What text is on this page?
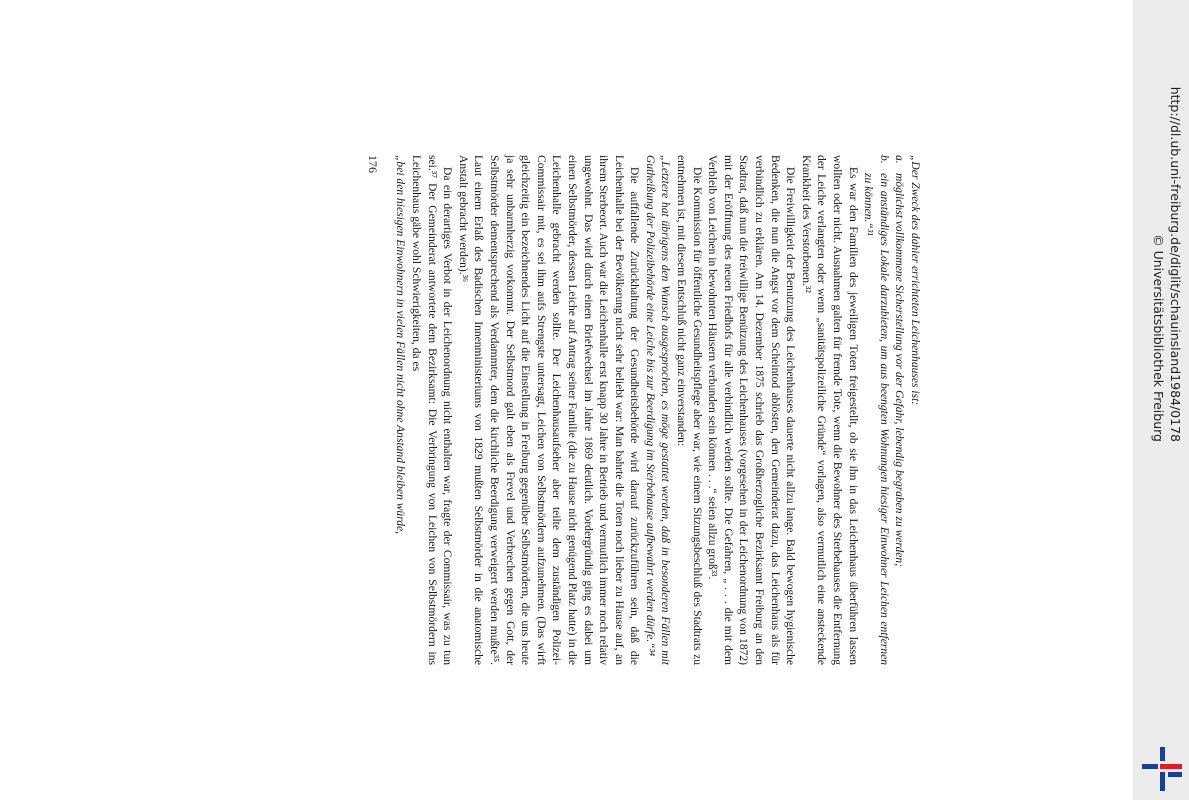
„Der Zweck des dahier errichteten Leichenhauses ist:

a.möglichst vollkommene Sicherstellung vor der Gefahr, lebendig begraben zu werden;

b.ein anständiges Lokale darzubieten, um aus beengten Wohnungen hiesiger Einwohner Leichen entfernen zu können.“³¹

Es war den Familien des jeweiligen Toten freigestellt, ob sie ihn in das Leichenhaus überführen lassen wollten oder nicht. Ausnahmen galten für fremde Tote, wenn die Bewohner des Sterbehauses die Entfernung der Leiche verlangten oder wenn „sanitätspolizeiliche Gründe“ vorlagen, also vermutlich eine ansteckende Krankheit des Verstorbenen.³²

Die Freiwilligkeit der Benutzung des Leichenhauses dauerte nicht allzu lange. Bald bewogen hygienische Bedenken, die nun die Angst vor dem Scheintod ablösten, den Gemeinderat dazu, das Leichenhaus als für verbindlich zu erklären. Am 14. Dezember 1875 schrieb das Großherzogliche Bezirksamt Freiburg an den Stadtrat, daß nun die freiwillige Benützung des Leichenhauses (vorgesehen in der Leichenordnung von 1872) mit der Eröffnung des neuen Friedhofs für alle verbindlich werden sollte. Die Gefahren, „ . . . die mit dem Verbleib von Leichen in bewohnten Häusern verbunden sein können . . .“ seien allzu groß³³.

Die Kommission für öffentliche Gesundheitspflege aber war, wie einem Sitzungsbeschluß des Stadtrats zu entnehmen ist, mit diesem Entschluß nicht ganz einverstanden:

„Letztere hat übrigens den Wunsch ausgesprochen, es möge gestattet werden, daß in besonderen Fällen mit Gutheißung der Polizeibehörde eine Leiche bis zur Beerdigung im Sterbehause aufbewahrt werden dürfe.“³⁴

Die auffallende Zurückhaltung der Gesundheitsbehörde wird darauf zurückzuführen sein, daß die Leichenhalle bei der Bevölkerung nicht sehr beliebt war: Man bahrte die Toten noch lieber zu Hause auf, an ihrem Sterbeort. Auch war die Leichenhalle erst knapp 30 Jahre in Betrieb und vermutlich immer noch relativ ungewohnt. Das wird durch einen Briefwechsel im Jahre 1869 deutlich. Vordergründig ging es dabei um einen Selbstmörder, dessen Leiche auf Antrag seiner Familie (die zu Hause nicht genügend Platz hatte) in die Leichenhalle gebracht werden sollte. Der Leichenhausaufseher aber teilte dem zuständigen Polizei-Commissair mit, es sei ihm aufs Strengste untersagt, Leichen von Selbstmördern aufzunehmen. (Das wirft gleichzeitig ein bezeichnendes Licht auf die Einstellung in Freiburg gegenüber Selbstmördern, die uns heute ja sehr unbarmherzig vorkommt. Der Selbstmord galt eben als Frevel und Verbrechen gegen Gott, der Selbstmörder dementsprechend als Verdammter, dem die kirchliche Beerdigung verweigert werden mußte³⁵. Laut einem Erlaß des Badischen Innenministeriums von 1829 mußten Selbstmörder in die anatomische Anstalt gebracht werden).³⁶

Da ein derartiges Verbot in der Leichenordnung nicht enthalten war, fragte der Commissair, was zu tun sei.³⁷ Der Gemeinderat antwortete dem Bezirksamt: Die Verbringung von Leichen von Selbstmördern ins Leichenhaus gäbe wohl Schwierigkeiten, da es

„bei den hiesigen Einwohnern in vielen Fällen nicht ohne Anstand bleiben würde,

176	http://dl.ub.uni-freiburg.de/diglit/schauinsland1984/0178
© Universitätsbibliothek Freiburg
